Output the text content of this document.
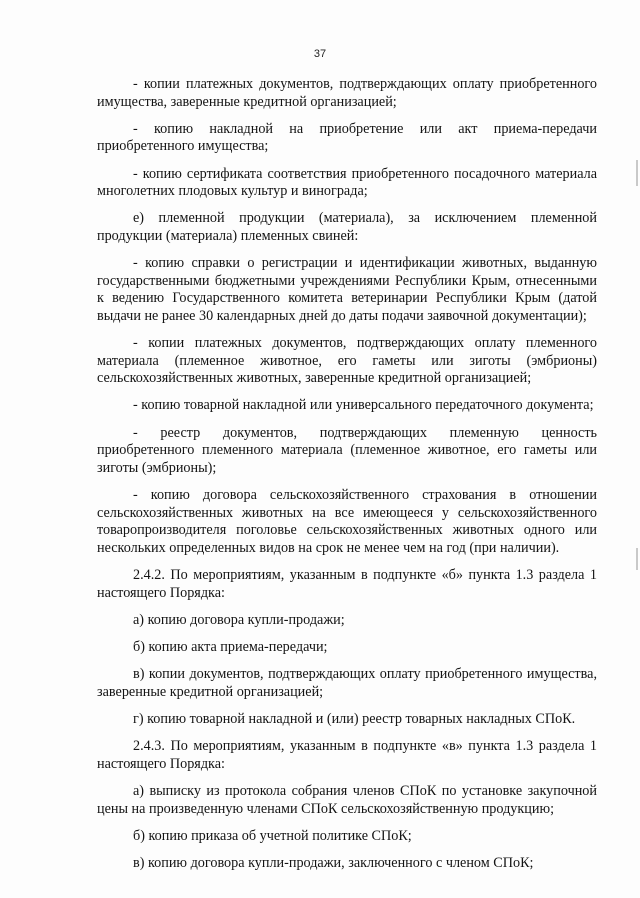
37

- копии платежных документов, подтверждающих оплату приобретенного имущества, заверенные кредитной организацией;

- копию накладной на приобретение или акт приема-передачи приобретенного имущества;

- копию сертификата соответствия приобретенного посадочного материала многолетних плодовых культур и винограда;

е) племенной продукции (материала), за исключением племенной продукции (материала) племенных свиней:

- копию справки о регистрации и идентификации животных, выданную государственными бюджетными учреждениями Республики Крым, отнесенными к ведению Государственного комитета ветеринарии Республики Крым (датой выдачи не ранее 30 календарных дней до даты подачи заявочной документации);

- копии платежных документов, подтверждающих оплату племенного материала (племенное животное, его гаметы или зиготы (эмбрионы) сельскохозяйственных животных, заверенные кредитной организацией;

- копию товарной накладной или универсального передаточного документа;

- реестр документов, подтверждающих племенную ценность приобретенного племенного материала (племенное животное, его гаметы или зиготы (эмбрионы);

- копию договора сельскохозяйственного страхования в отношении сельскохозяйственных животных на все имеющееся у сельскохозяйственного товаропроизводителя поголовье сельскохозяйственных животных одного или нескольких определенных видов на срок не менее чем на год (при наличии).

2.4.2. По мероприятиям, указанным в подпункте «б» пункта 1.3 раздела 1 настоящего Порядка:

а) копию договора купли-продажи;

б) копию акта приема-передачи;

в) копии документов, подтверждающих оплату приобретенного имущества, заверенные кредитной организацией;

г) копию товарной накладной и (или) реестр товарных накладных СПоК.

2.4.3. По мероприятиям, указанным в подпункте «в» пункта 1.3 раздела 1 настоящего Порядка:

а) выписку из протокола собрания членов СПоК по установке закупочной цены на произведенную членами СПоК сельскохозяйственную продукцию;

б) копию приказа об учетной политике СПоК;

в) копию договора купли-продажи, заключенного с членом СПоК;
